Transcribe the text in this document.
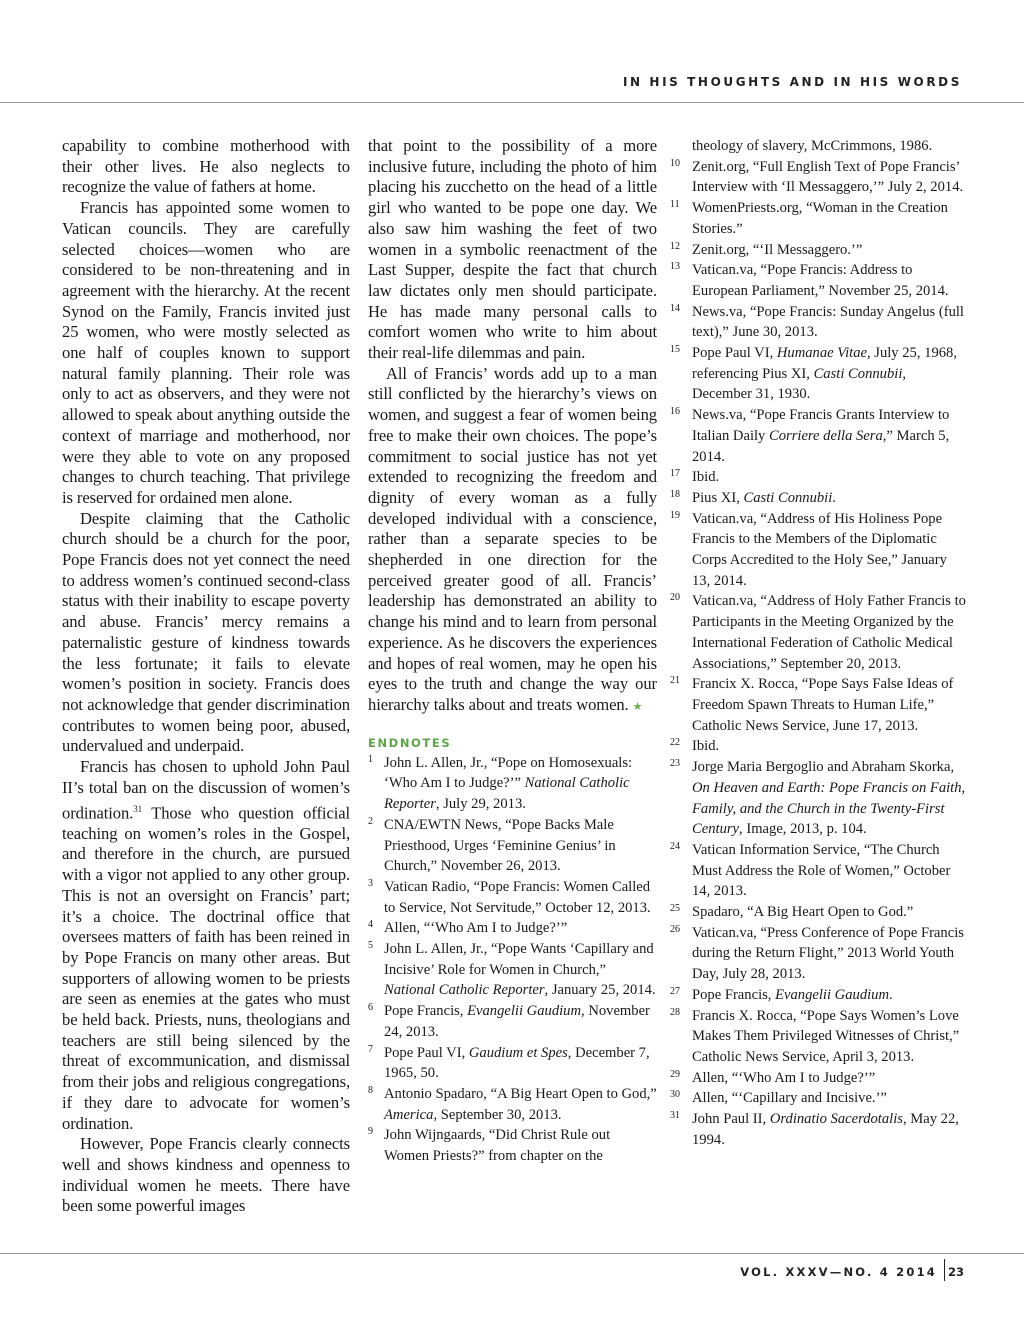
IN HIS THOUGHTS AND IN HIS WORDS

capability to combine motherhood with their other lives. He also neglects to recognize the value of fathers at home.

Francis has appointed some women to Vatican councils. They are carefully selected choices—women who are considered to be non-threatening and in agreement with the hierarchy. At the recent Synod on the Family, Francis invited just 25 women, who were mostly selected as one half of couples known to support natural family planning. Their role was only to act as observers, and they were not allowed to speak about anything outside the context of marriage and motherhood, nor were they able to vote on any proposed changes to church teaching. That privilege is reserved for ordained men alone.

Despite claiming that the Catholic church should be a church for the poor, Pope Francis does not yet connect the need to address women’s continued second-class status with their inability to escape poverty and abuse. Francis’ mercy remains a paternalistic gesture of kindness towards the less fortunate; it fails to elevate women’s position in society. Francis does not acknowledge that gender discrimination contributes to women being poor, abused, undervalued and underpaid.

Francis has chosen to uphold John Paul II’s total ban on the discussion of women’s ordination.$^{31}$ Those who question official teaching on women’s roles in the Gospel, and therefore in the church, are pursued with a vigor not applied to any other group. This is not an oversight on Francis’ part; it’s a choice. The doctrinal office that oversees matters of faith has been reined in by Pope Francis on many other areas. But supporters of allowing women to be priests are seen as enemies at the gates who must be held back. Priests, nuns, theologians and teachers are still being silenced by the threat of excommunication, and dismissal from their jobs and religious congregations, if they dare to advocate for women’s ordination.

However, Pope Francis clearly connects well and shows kindness and openness to individual women he meets. There have been some powerful images

that point to the possibility of a more inclusive future, including the photo of him placing his zucchetto on the head of a little girl who wanted to be pope one day. We also saw him washing the feet of two women in a symbolic reenactment of the Last Supper, despite the fact that church law dictates only men should participate. He has made many personal calls to comfort women who write to him about their real-life dilemmas and pain.

All of Francis’ words add up to a man still conflicted by the hierarchy’s views on women, and suggest a fear of women being free to make their own choices. The pope’s commitment to social justice has not yet extended to recognizing the freedom and dignity of every woman as a fully developed individual with a conscience, rather than a separate species to be shepherded in one direction for the perceived greater good of all. Francis’ leadership has demonstrated an ability to change his mind and to learn from personal experience. As he discovers the experiences and hopes of real women, may he open his eyes to the truth and change the way our hierarchy talks about and treats women. ★

ENDNOTES
1 John L. Allen, Jr., “Pope on Homosexuals: ‘Who Am I to Judge?’” National Catholic Reporter, July 29, 2013.
2 CNA/EWTN News, “Pope Backs Male Priesthood, Urges ‘Feminine Genius’ in Church,” November 26, 2013.
3 Vatican Radio, “Pope Francis: Women Called to Service, Not Servitude,” October 12, 2013.
4 Allen, “‘Who Am I to Judge?’”
5 John L. Allen, Jr., “Pope Wants ‘Capillary and Incisive’ Role for Women in Church,” National Catholic Reporter, January 25, 2014.
6 Pope Francis, Evangelii Gaudium, November 24, 2013.
7 Pope Paul VI, Gaudium et Spes, December 7, 1965, 50.
8 Antonio Spadaro, “A Big Heart Open to God,” America, September 30, 2013.
9 John Wijngaards, “Did Christ Rule out Women Priests?” from chapter on the
theology of slavery, McCrimmons, 1986.
10 Zenit.org, “Full English Text of Pope Francis’ Interview with ‘Il Messaggero,’” July 2, 2014.
11 WomenPriests.org, “Woman in the Creation Stories.”
12 Zenit.org, “‘Il Messaggero.’”
13 Vatican.va, “Pope Francis: Address to European Parliament,” November 25, 2014.
14 News.va, “Pope Francis: Sunday Angelus (full text),” June 30, 2013.
15 Pope Paul VI, Humanae Vitae, July 25, 1968, referencing Pius XI, Casti Connubii, December 31, 1930.
16 News.va, “Pope Francis Grants Interview to Italian Daily Corriere della Sera,” March 5, 2014.
17 Ibid.
18 Pius XI, Casti Connubii.
19 Vatican.va, “Address of His Holiness Pope Francis to the Members of the Diplomatic Corps Accredited to the Holy See,” January 13, 2014.
20 Vatican.va, “Address of Holy Father Francis to Participants in the Meeting Organized by the International Federation of Catholic Medical Associations,” September 20, 2013.
21 Francix X. Rocca, “Pope Says False Ideas of Freedom Spawn Threats to Human Life,” Catholic News Service, June 17, 2013.
22 Ibid.
23 Jorge Maria Bergoglio and Abraham Skorka, On Heaven and Earth: Pope Francis on Faith, Family, and the Church in the Twenty-First Century, Image, 2013, p. 104.
24 Vatican Information Service, “The Church Must Address the Role of Women,” October 14, 2013.
25 Spadaro, “A Big Heart Open to God.”
26 Vatican.va, “Press Conference of Pope Francis during the Return Flight,” 2013 World Youth Day, July 28, 2013.
27 Pope Francis, Evangelii Gaudium.
28 Francis X. Rocca, “Pope Says Women’s Love Makes Them Privileged Witnesses of Christ,” Catholic News Service, April 3, 2013.
29 Allen, “‘Who Am I to Judge?’”
30 Allen, “‘Capillary and Incisive.’”
31 John Paul II, Ordinatio Sacerdotalis, May 22, 1994.
VOL. XXXV—NO. 4 2014 23
